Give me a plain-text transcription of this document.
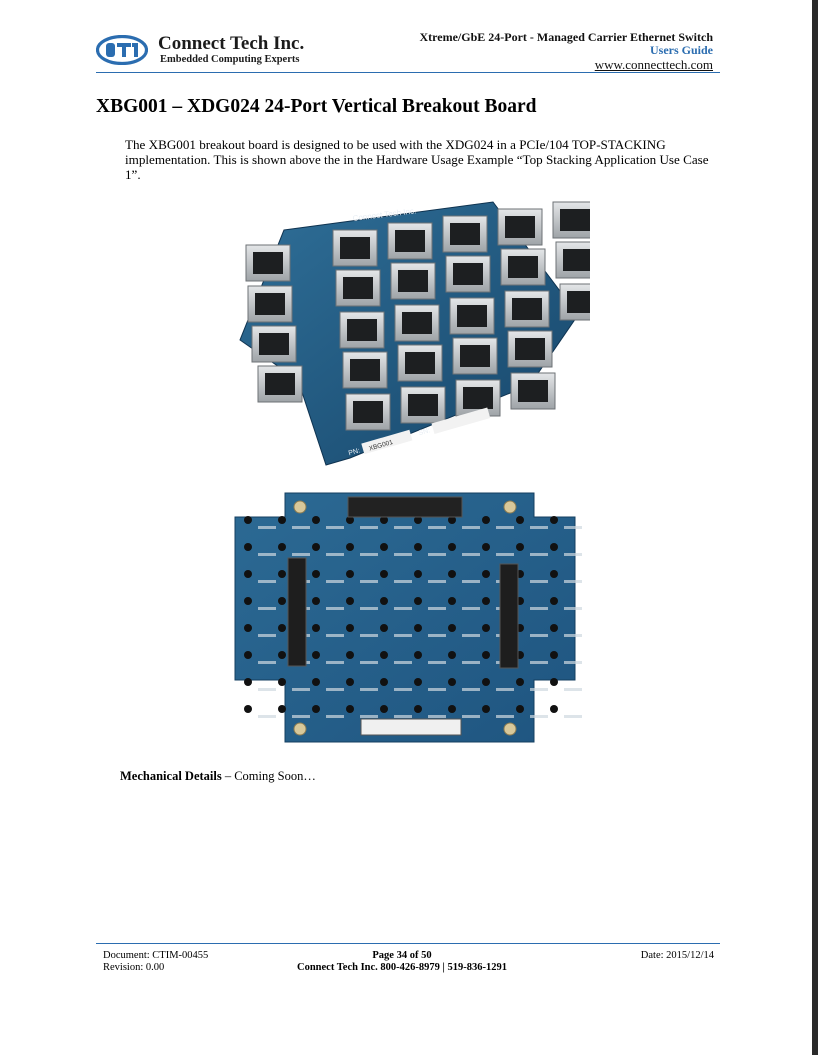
Connect Tech Inc.
Embedded Computing Experts
Xtreme/GbE 24-Port - Managed Carrier Ethernet Switch
Users Guide
www.connecttech.com
XBG001 – XDG024 24-Port Vertical Breakout Board
The XBG001 breakout board is designed to be used with the XDG024 in a PCIe/104 TOP-STACKING implementation. This is shown above the in the Hardware Usage Example “Top Stacking Application Use Case 1”.
Connect Tech Inc.
PN: XBG001
SN:
Mechanical Details – Coming Soon…
Document: CTIM-00455
Revision: 0.00
Page 34 of 50
Connect Tech Inc. 800-426-8979 | 519-836-1291
Date: 2015/12/14
